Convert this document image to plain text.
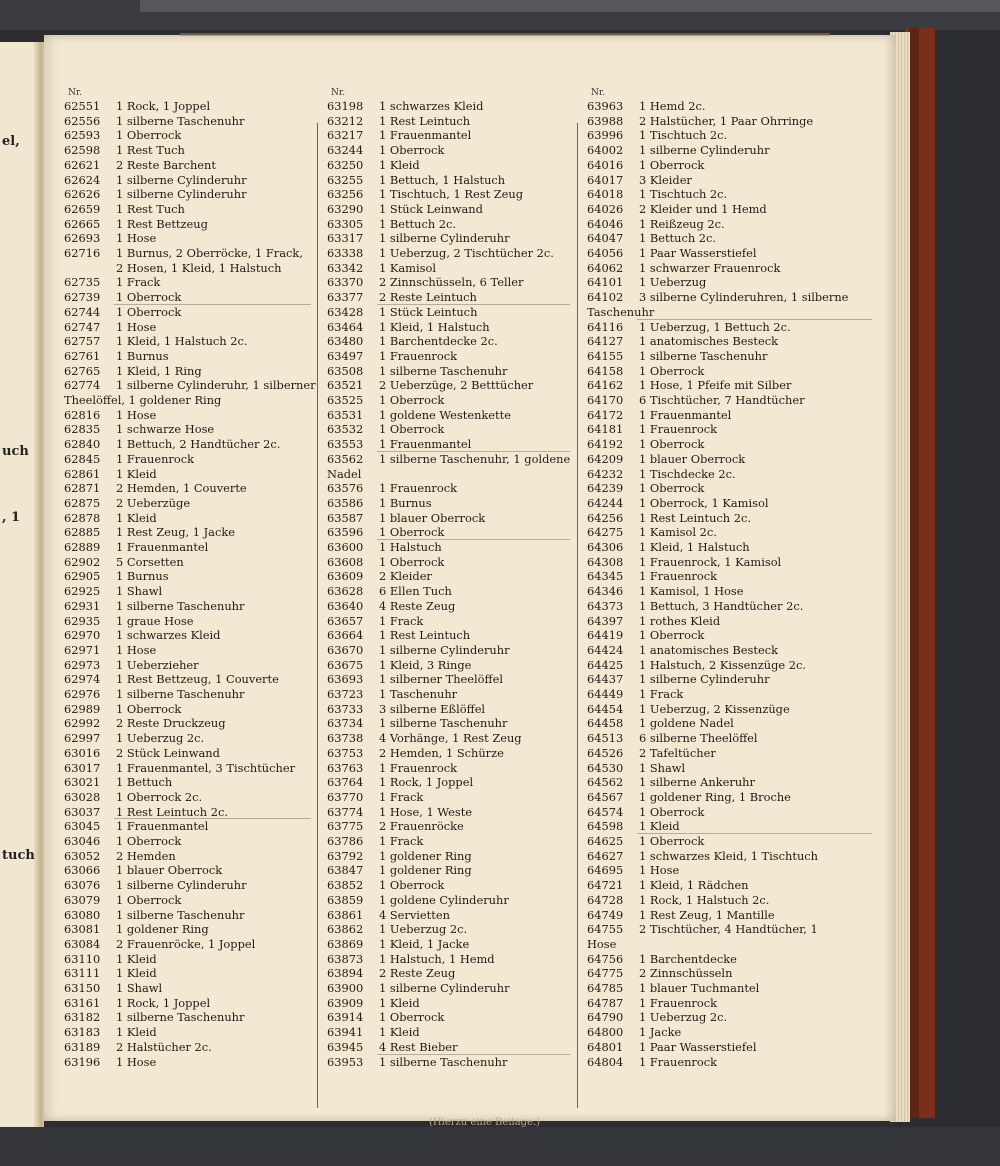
el,
, 1
uch
tuch
Nr.
62551	1 Rock, 1 Joppel
62556	1 silberne Taschenuhr
62593	1 Oberrock
62598	1 Rest Tuch
62621	2 Reste Barchent
62624	1 silberne Cylinderuhr
62626	1 silberne Cylinderuhr
62659	1 Rest Tuch
62665	1 Rest Bettzeug
62693	1 Hose
62716	1 Burnus, 2 Oberröcke, 1 Frack,
2 Hosen, 1 Kleid, 1 Halstuch
62735	1 Frack
62739	1 Oberrock
62744	1 Oberrock
62747	1 Hose
62757	1 Kleid, 1 Halstuch 2c.
62761	1 Burnus
62765	1 Kleid, 1 Ring
62774	1 silberne Cylinderuhr, 1 silberner
Theelöffel, 1 goldener Ring
62816	1 Hose
62835	1 schwarze Hose
62840	1 Bettuch, 2 Handtücher 2c.
62845	1 Frauenrock
62861	1 Kleid
62871	2 Hemden, 1 Couverte
62875	2 Ueberzüge
62878	1 Kleid
62885	1 Rest Zeug, 1 Jacke
62889	1 Frauenmantel
62902	5 Corsetten
62905	1 Burnus
62925	1 Shawl
62931	1 silberne Taschenuhr
62935	1 graue Hose
62970	1 schwarzes Kleid
62971	1 Hose
62973	1 Ueberzieher
62974	1 Rest Bettzeug, 1 Couverte
62976	1 silberne Taschenuhr
62989	1 Oberrock
62992	2 Reste Druckzeug
62997	1 Ueberzug 2c.
63016	2 Stück Leinwand
63017	1 Frauenmantel, 3 Tischtücher
63021	1 Bettuch
63028	1 Oberrock 2c.
63037	1 Rest Leintuch 2c.
63045	1 Frauenmantel
63046	1 Oberrock
63052	2 Hemden
63066	1 blauer Oberrock
63076	1 silberne Cylinderuhr
63079	1 Oberrock
63080	1 silberne Taschenuhr
63081	1 goldener Ring
63084	2 Frauenröcke, 1 Joppel
63110	1 Kleid
63111	1 Kleid
63150	1 Shawl
63161	1 Rock, 1 Joppel
63182	1 silberne Taschenuhr
63183	1 Kleid
63189	2 Halstücher 2c.
63196	1 Hose
Nr.
63198	1 schwarzes Kleid
63212	1 Rest Leintuch
63217	1 Frauenmantel
63244	1 Oberrock
63250	1 Kleid
63255	1 Bettuch, 1 Halstuch
63256	1 Tischtuch, 1 Rest Zeug
63290	1 Stück Leinwand
63305	1 Bettuch 2c.
63317	1 silberne Cylinderuhr
63338	1 Ueberzug, 2 Tischtücher 2c.
63342	1 Kamisol
63370	2 Zinnschüsseln, 6 Teller
63377	2 Reste Leintuch
63428	1 Stück Leintuch
63464	1 Kleid, 1 Halstuch
63480	1 Barchentdecke 2c.
63497	1 Frauenrock
63508	1 silberne Taschenuhr
63521	2 Ueberzüge, 2 Betttücher
63525	1 Oberrock
63531	1 goldene Westenkette
63532	1 Oberrock
63553	1 Frauenmantel
63562	1 silberne Taschenuhr, 1 goldene
Nadel
63576	1 Frauenrock
63586	1 Burnus
63587	1 blauer Oberrock
63596	1 Oberrock
63600	1 Halstuch
63608	1 Oberrock
63609	2 Kleider
63628	6 Ellen Tuch
63640	4 Reste Zeug
63657	1 Frack
63664	1 Rest Leintuch
63670	1 silberne Cylinderuhr
63675	1 Kleid, 3 Ringe
63693	1 silberner Theelöffel
63723	1 Taschenuhr
63733	3 silberne Eßlöffel
63734	1 silberne Taschenuhr
63738	4 Vorhänge, 1 Rest Zeug
63753	2 Hemden, 1 Schürze
63763	1 Frauenrock
63764	1 Rock, 1 Joppel
63770	1 Frack
63774	1 Hose, 1 Weste
63775	2 Frauenröcke
63786	1 Frack
63792	1 goldener Ring
63847	1 goldener Ring
63852	1 Oberrock
63859	1 goldene Cylinderuhr
63861	4 Servietten
63862	1 Ueberzug 2c.
63869	1 Kleid, 1 Jacke
63873	1 Halstuch, 1 Hemd
63894	2 Reste Zeug
63900	1 silberne Cylinderuhr
63909	1 Kleid
63914	1 Oberrock
63941	1 Kleid
63945	4 Rest Bieber
63953	1 silberne Taschenuhr
Nr.
63963	1 Hemd 2c.
63988	2 Halstücher, 1 Paar Ohrringe
63996	1 Tischtuch 2c.
64002	1 silberne Cylinderuhr
64016	1 Oberrock
64017	3 Kleider
64018	1 Tischtuch 2c.
64026	2 Kleider und 1 Hemd
64046	1 Reißzeug 2c.
64047	1 Bettuch 2c.
64056	1 Paar Wasserstiefel
64062	1 schwarzer Frauenrock
64101	1 Ueberzug
64102	3 silberne Cylinderuhren, 1 silberne
Taschenuhr
64116	1 Ueberzug, 1 Bettuch 2c.
64127	1 anatomisches Besteck
64155	1 silberne Taschenuhr
64158	1 Oberrock
64162	1 Hose, 1 Pfeife mit Silber
64170	6 Tischtücher, 7 Handtücher
64172	1 Frauenmantel
64181	1 Frauenrock
64192	1 Oberrock
64209	1 blauer Oberrock
64232	1 Tischdecke 2c.
64239	1 Oberrock
64244	1 Oberrock, 1 Kamisol
64256	1 Rest Leintuch 2c.
64275	1 Kamisol 2c.
64306	1 Kleid, 1 Halstuch
64308	1 Frauenrock, 1 Kamisol
64345	1 Frauenrock
64346	1 Kamisol, 1 Hose
64373	1 Bettuch, 3 Handtücher 2c.
64397	1 rothes Kleid
64419	1 Oberrock
64424	1 anatomisches Besteck
64425	1 Halstuch, 2 Kissenzüge 2c.
64437	1 silberne Cylinderuhr
64449	1 Frack
64454	1 Ueberzug, 2 Kissenzüge
64458	1 goldene Nadel
64513	6 silberne Theelöffel
64526	2 Tafeltücher
64530	1 Shawl
64562	1 silberne Ankeruhr
64567	1 goldener Ring, 1 Broche
64574	1 Oberrock
64598	1 Kleid
64625	1 Oberrock
64627	1 schwarzes Kleid, 1 Tischtuch
64695	1 Hose
64721	1 Kleid, 1 Rädchen
64728	1 Rock, 1 Halstuch 2c.
64749	1 Rest Zeug, 1 Mantille
64755	2 Tischtücher, 4 Handtücher, 1
Hose
64756	1 Barchentdecke
64775	2 Zinnschüsseln
64785	1 blauer Tuchmantel
64787	1 Frauenrock
64790	1 Ueberzug 2c.
64800	1 Jacke
64801	1 Paar Wasserstiefel
64804	1 Frauenrock
(Hierzu eine Beilage.)
